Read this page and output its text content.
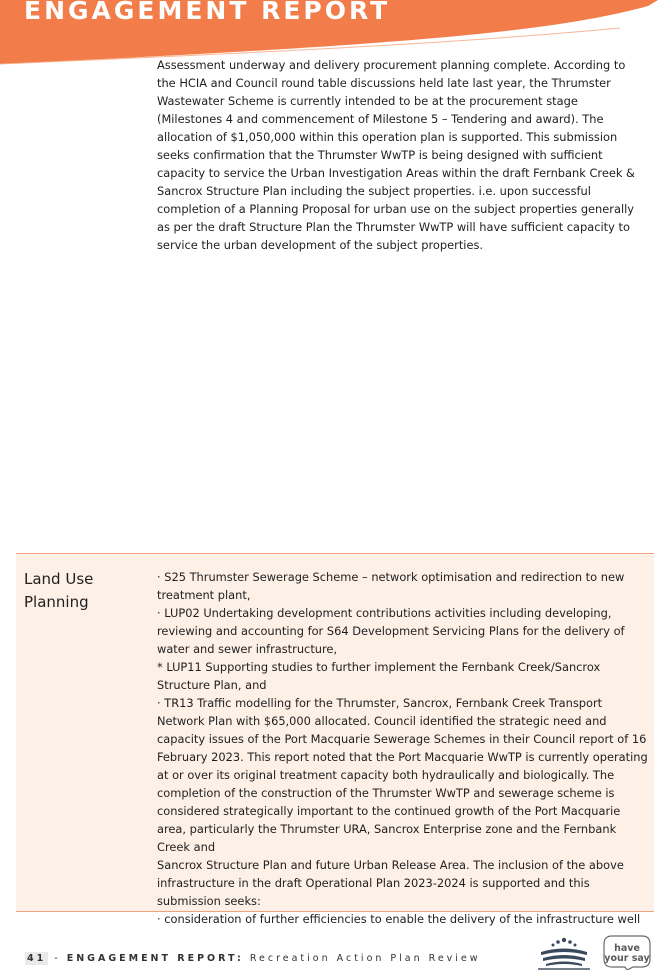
ENGAGEMENT REPORT

Assessment underway and delivery procurement planning complete. According to the HCIA and Council round table discussions held late last year, the Thrumster Wastewater Scheme is currently intended to be at the procurement stage (Milestones 4 and commencement of Milestone 5 – Tendering and award). The allocation of $1,050,000 within this operation plan is supported. This submission seeks confirmation that the Thrumster WwTP is being designed with sufficient capacity to service the Urban Investigation Areas within the draft Fernbank Creek & Sancrox Structure Plan including the subject properties. i.e. upon successful completion of a Planning Proposal for urban use on the subject properties generally as per the draft Structure Plan the Thrumster WwTP will have sufficient capacity to service the urban development of the subject properties.

Land Use Planning

· S25 Thrumster Sewerage Scheme – network optimisation and redirection to new treatment plant,
· LUP02 Undertaking development contributions activities including developing, reviewing and accounting for S64 Development Servicing Plans for the delivery of water and sewer infrastructure,
* LUP11 Supporting studies to further implement the Fernbank Creek/Sancrox Structure Plan, and
· TR13 Traffic modelling for the Thrumster, Sancrox, Fernbank Creek Transport Network Plan with $65,000 allocated. Council identified the strategic need and capacity issues of the Port Macquarie Sewerage Schemes in their Council report of 16 February 2023. This report noted that the Port Macquarie WwTP is currently operating at or over its original treatment capacity both hydraulically and biologically. The completion of the construction of the Thrumster WwTP and sewerage scheme is considered strategically important to the continued growth of the Port Macquarie area, particularly the Thrumster URA, Sancrox Enterprise zone and the Fernbank Creek and
Sancrox Structure Plan and future Urban Release Area. The inclusion of the above infrastructure in the draft Operational Plan 2023-2024 is supported and this submission seeks:
· consideration of further efficiencies to enable the delivery of the infrastructure well
41 - ENGAGEMENT REPORT: Recreation Action Plan Review
have
your say
